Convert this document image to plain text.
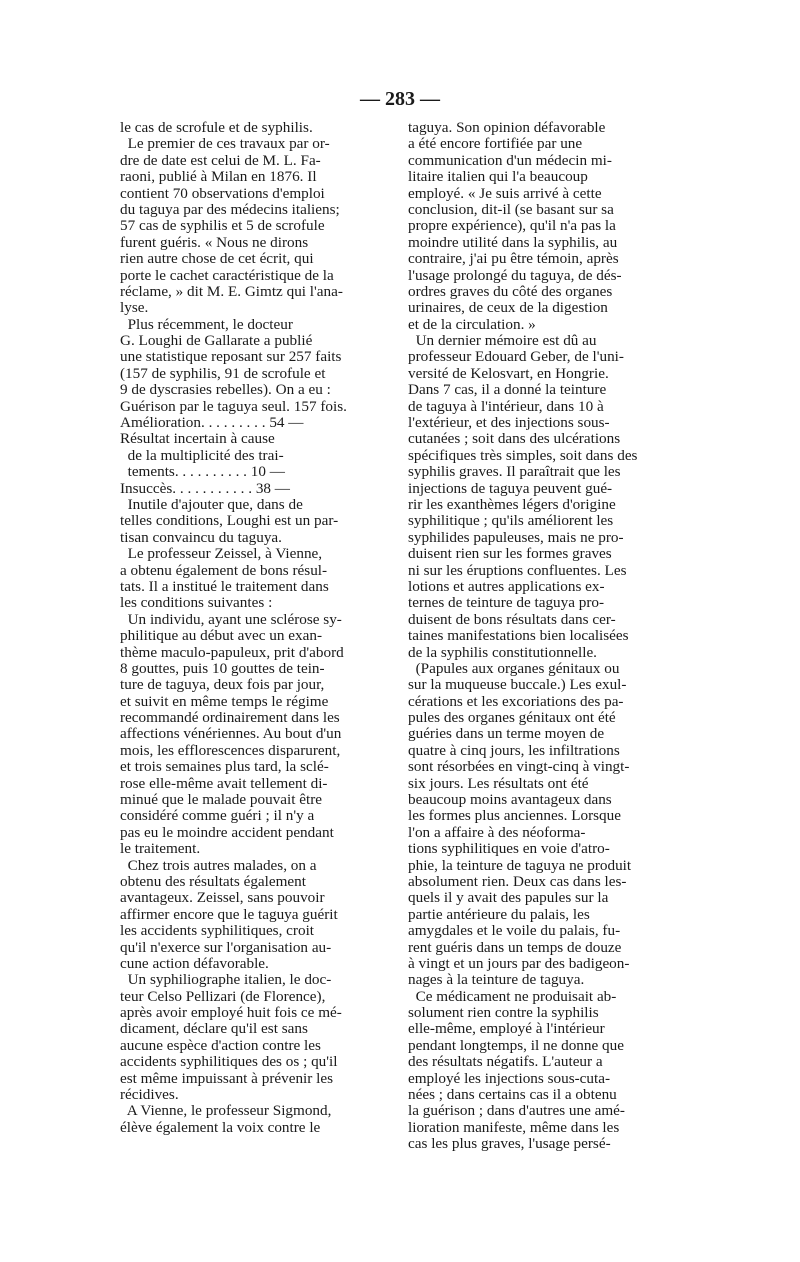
— 283 —
le cas de scrofule et de syphilis.
Le premier de ces travaux par or-
dre de date est celui de M. L. Fa-
raoni, publié à Milan en 1876. Il
contient 70 observations d'emploi
du taguya par des médecins italiens;
57 cas de syphilis et 5 de scrofule
furent guéris. « Nous ne dirons
rien autre chose de cet écrit, qui
porte le cachet caractéristique de la
réclame, » dit M. E. Gimtz qui l'ana-
lyse.
Plus récemment, le docteur
G. Loughi de Gallarate a publié
une statistique reposant sur 257 faits
(157 de syphilis, 91 de scrofule et
9 de dyscrasies rebelles). On a eu :
Guérison par le taguya seul. 157 fois.
Amélioration. . . . . . . . . 54 —
Résultat incertain à cause
de la multiplicité des trai-
tements. . . . . . . . . . 10 —
Insuccès. . . . . . . . . . . 38 —
Inutile d'ajouter que, dans de
telles conditions, Loughi est un par-
tisan convaincu du taguya.
Le professeur Zeissel, à Vienne,
a obtenu également de bons résul-
tats. Il a institué le traitement dans
les conditions suivantes :
Un individu, ayant une sclérose sy-
philitique au début avec un exan-
thème maculo-papuleux, prit d'abord
8 gouttes, puis 10 gouttes de tein-
ture de taguya, deux fois par jour,
et suivit en même temps le régime
recommandé ordinairement dans les
affections vénériennes. Au bout d'un
mois, les efflorescences disparurent,
et trois semaines plus tard, la sclé-
rose elle-même avait tellement di-
minué que le malade pouvait être
considéré comme guéri ; il n'y a
pas eu le moindre accident pendant
le traitement.
Chez trois autres malades, on a
obtenu des résultats également
avantageux. Zeissel, sans pouvoir
affirmer encore que le taguya guérit
les accidents syphilitiques, croit
qu'il n'exerce sur l'organisation au-
cune action défavorable.
Un syphiliographe italien, le doc-
teur Celso Pellizari (de Florence),
après avoir employé huit fois ce mé-
dicament, déclare qu'il est sans
aucune espèce d'action contre les
accidents syphilitiques des os ; qu'il
est même impuissant à prévenir les
récidives.
A Vienne, le professeur Sigmond,
élève également la voix contre le
taguya. Son opinion défavorable
a été encore fortifiée par une
communication d'un médecin mi-
litaire italien qui l'a beaucoup
employé. « Je suis arrivé à cette
conclusion, dit-il (se basant sur sa
propre expérience), qu'il n'a pas la
moindre utilité dans la syphilis, au
contraire, j'ai pu être témoin, après
l'usage prolongé du taguya, de dés-
ordres graves du côté des organes
urinaires, de ceux de la digestion
et de la circulation. »
Un dernier mémoire est dû au
professeur Edouard Geber, de l'uni-
versité de Kelosvart, en Hongrie.
Dans 7 cas, il a donné la teinture
de taguya à l'intérieur, dans 10 à
l'extérieur, et des injections sous-
cutanées ; soit dans des ulcérations
spécifiques très simples, soit dans des
syphilis graves. Il paraîtrait que les
injections de taguya peuvent gué-
rir les exanthèmes légers d'origine
syphilitique ; qu'ils améliorent les
syphilides papuleuses, mais ne pro-
duisent rien sur les formes graves
ni sur les éruptions confluentes. Les
lotions et autres applications ex-
ternes de teinture de taguya pro-
duisent de bons résultats dans cer-
taines manifestations bien localisées
de la syphilis constitutionnelle.
(Papules aux organes génitaux ou
sur la muqueuse buccale.) Les exul-
cérations et les excoriations des pa-
pules des organes génitaux ont été
guéries dans un terme moyen de
quatre à cinq jours, les infiltrations
sont résorbées en vingt-cinq à vingt-
six jours. Les résultats ont été
beaucoup moins avantageux dans
les formes plus anciennes. Lorsque
l'on a affaire à des néoforma-
tions syphilitiques en voie d'atro-
phie, la teinture de taguya ne produit
absolument rien. Deux cas dans les-
quels il y avait des papules sur la
partie antérieure du palais, les
amygdales et le voile du palais, fu-
rent guéris dans un temps de douze
à vingt et un jours par des badigeon-
nages à la teinture de taguya.
Ce médicament ne produisait ab-
solument rien contre la syphilis
elle-même, employé à l'intérieur
pendant longtemps, il ne donne que
des résultats négatifs. L'auteur a
employé les injections sous-cuta-
nées ; dans certains cas il a obtenu
la guérison ; dans d'autres une amé-
lioration manifeste, même dans les
cas les plus graves, l'usage persé-
